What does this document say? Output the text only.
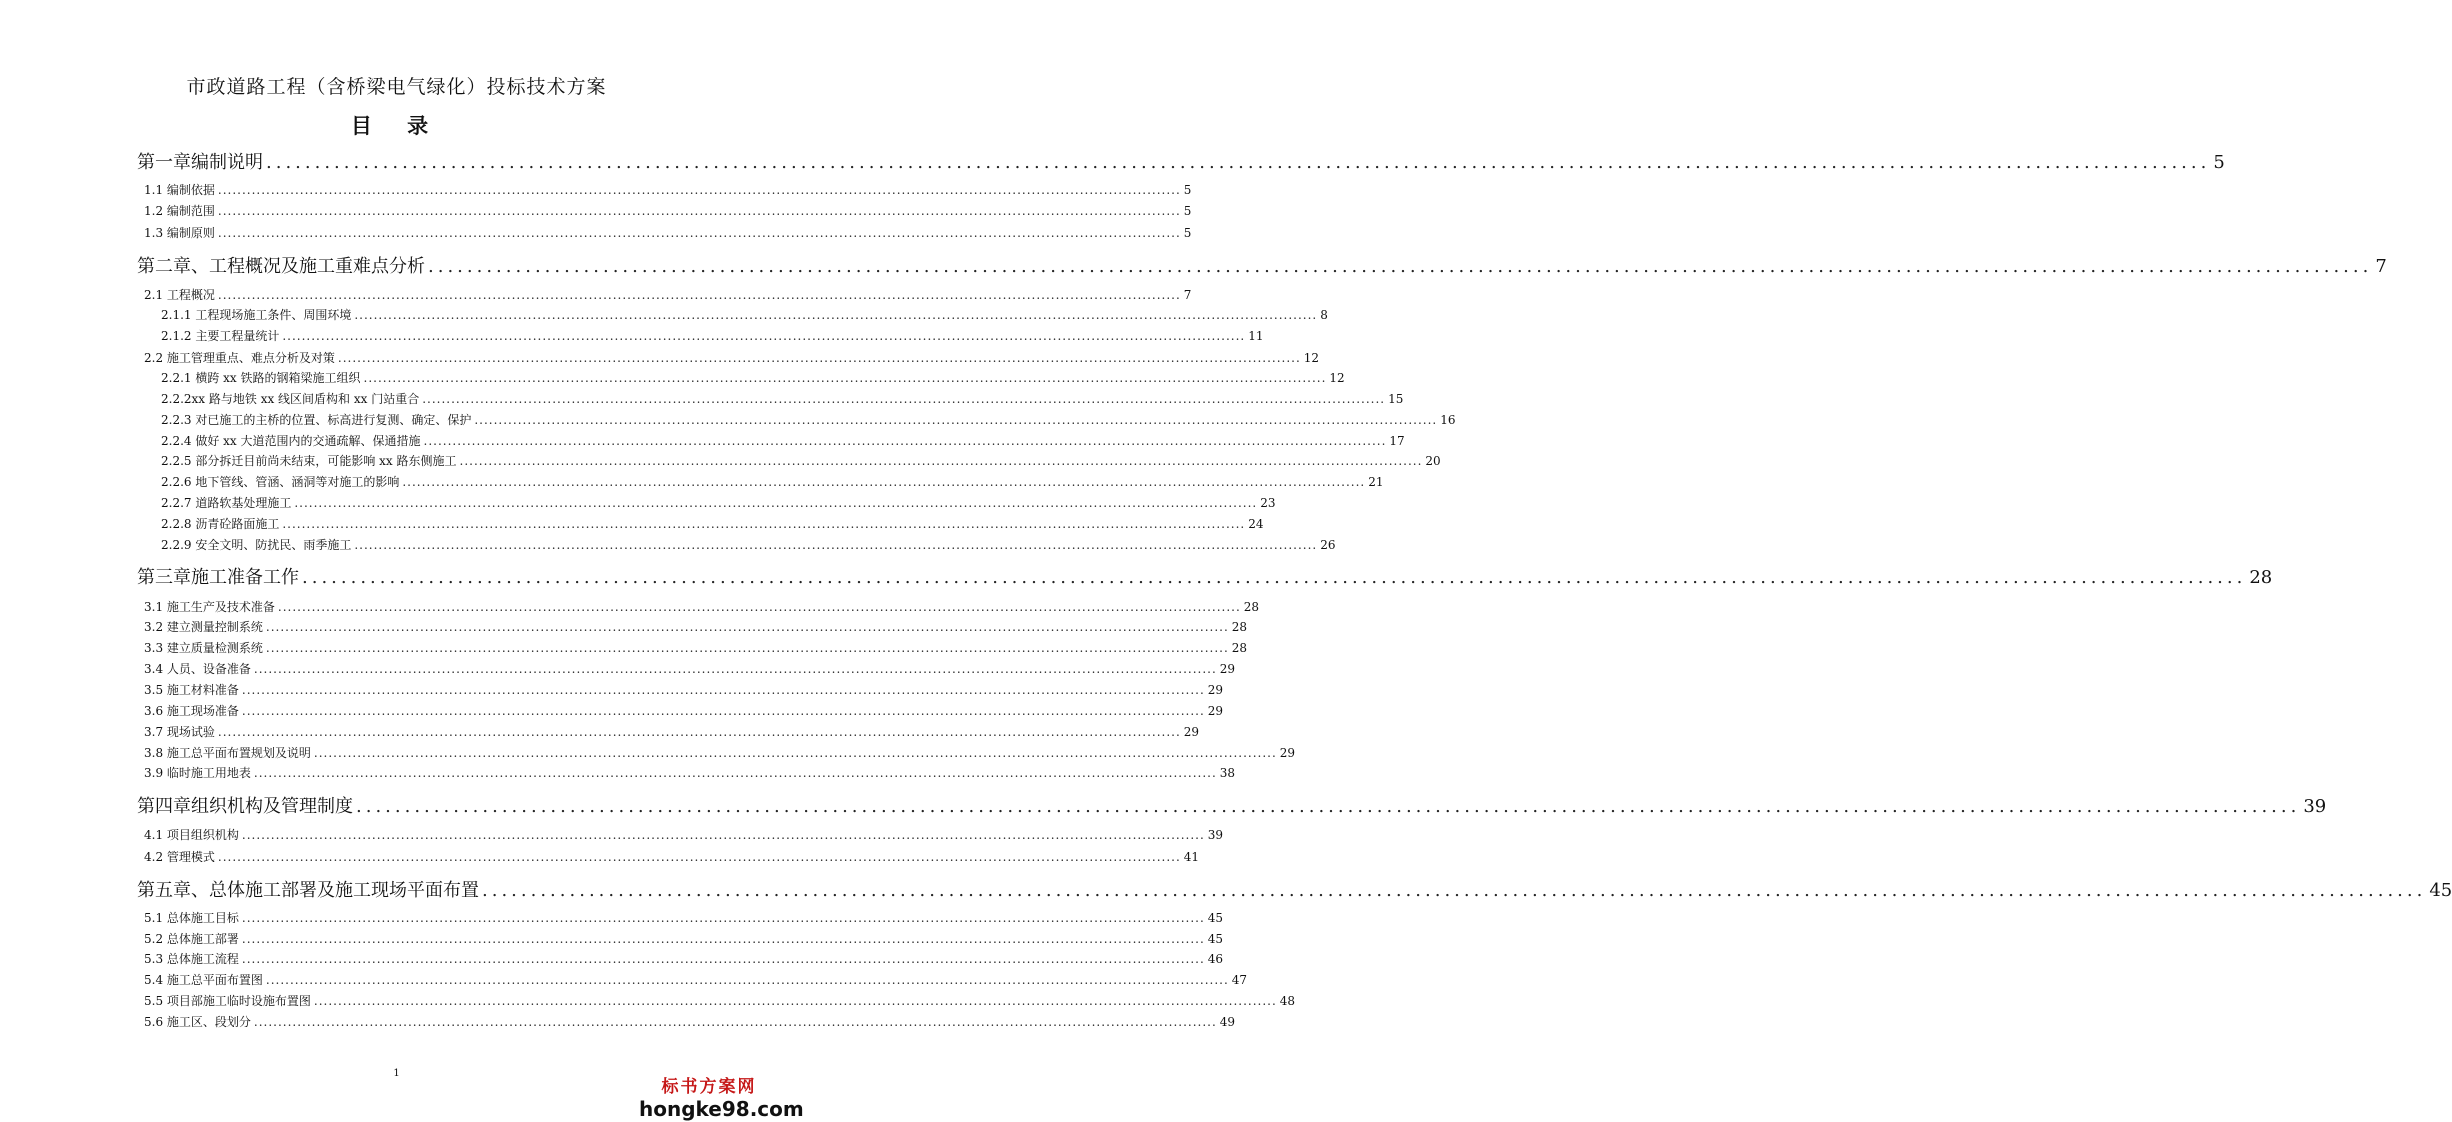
市政道路工程（含桥梁电气绿化）投标技术方案
目 录
第一章编制说明 ........................................................................................................................................................................................................ 5
1.1 编制依据 ........................................................................................................................................................................................................ 5
1.2 编制范围 ........................................................................................................................................................................................................ 5
1.3 编制原则 ........................................................................................................................................................................................................ 5
第二章、工程概况及施工重难点分析 ........................................................................................................................................................................................................ 7
2.1 工程概况 ........................................................................................................................................................................................................ 7
2.1.1 工程现场施工条件、周围环境 ........................................................................................................................................................................................................ 8
2.1.2 主要工程量统计 ........................................................................................................................................................................................................ 11
2.2 施工管理重点、难点分析及对策 ........................................................................................................................................................................................................ 12
2.2.1 横跨 xx 铁路的钢箱梁施工组织 ........................................................................................................................................................................................................ 12
2.2.2xx 路与地铁 xx 线区间盾构和 xx 门站重合 ........................................................................................................................................................................................................ 15
2.2.3 对已施工的主桥的位置、标高进行复测、确定、保护 ........................................................................................................................................................................................................ 16
2.2.4 做好 xx 大道范围内的交通疏解、保通措施 ........................................................................................................................................................................................................ 17
2.2.5 部分拆迁目前尚未结束，可能影响 xx 路东侧施工 ........................................................................................................................................................................................................ 20
2.2.6 地下管线、管涵、涵洞等对施工的影响 ........................................................................................................................................................................................................ 21
2.2.7 道路软基处理施工 ........................................................................................................................................................................................................ 23
2.2.8 沥青砼路面施工 ........................................................................................................................................................................................................ 24
2.2.9 安全文明、防扰民、雨季施工 ........................................................................................................................................................................................................ 26
第三章施工准备工作 ........................................................................................................................................................................................................ 28
3.1 施工生产及技术准备 ........................................................................................................................................................................................................ 28
3.2 建立测量控制系统 ........................................................................................................................................................................................................ 28
3.3 建立质量检测系统 ........................................................................................................................................................................................................ 28
3.4 人员、设备准备 ........................................................................................................................................................................................................ 29
3.5 施工材料准备 ........................................................................................................................................................................................................ 29
3.6 施工现场准备 ........................................................................................................................................................................................................ 29
3.7 现场试验 ........................................................................................................................................................................................................ 29
3.8 施工总平面布置规划及说明 ........................................................................................................................................................................................................ 29
3.9 临时施工用地表 ........................................................................................................................................................................................................ 38
第四章组织机构及管理制度 ........................................................................................................................................................................................................ 39
4.1 项目组织机构 ........................................................................................................................................................................................................ 39
4.2 管理模式 ........................................................................................................................................................................................................ 41
第五章、总体施工部署及施工现场平面布置 ........................................................................................................................................................................................................ 45
5.1 总体施工目标 ........................................................................................................................................................................................................ 45
5.2 总体施工部署 ........................................................................................................................................................................................................ 45
5.3 总体施工流程 ........................................................................................................................................................................................................ 46
5.4 施工总平面布置图 ........................................................................................................................................................................................................ 47
5.5 项目部施工临时设施布置图 ........................................................................................................................................................................................................ 48
5.6 施工区、段划分 ........................................................................................................................................................................................................ 49
1
标书方案网
hongke98.com
